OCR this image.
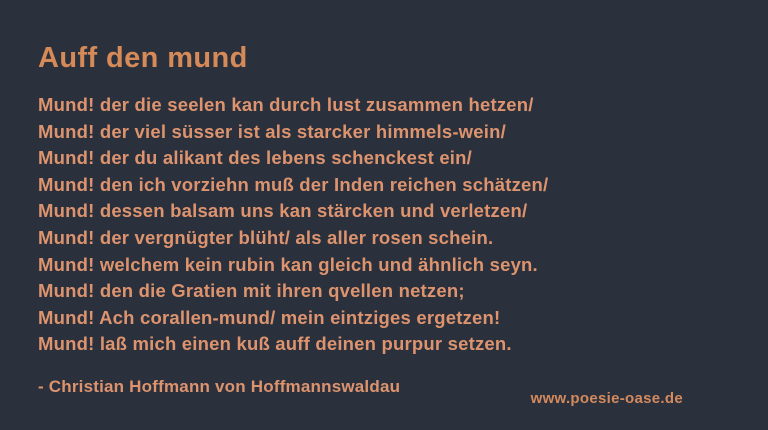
Auff den mund
Mund! der die seelen kan durch lust zusammen hetzen/
Mund! der viel süsser ist als starcker himmels-wein/
Mund! der du alikant des lebens schenckest ein/
Mund! den ich vorziehn muß der Inden reichen schätzen/
Mund! dessen balsam uns kan stärcken und verletzen/
Mund! der vergnügter blüht/ als aller rosen schein.
Mund! welchem kein rubin kan gleich und ähnlich seyn.
Mund! den die Gratien mit ihren qvellen netzen;
Mund! Ach corallen-mund/ mein eintziges ergetzen!
Mund! laß mich einen kuß auff deinen purpur setzen.
- Christian Hoffmann von Hoffmannswaldau
www.poesie-oase.de
